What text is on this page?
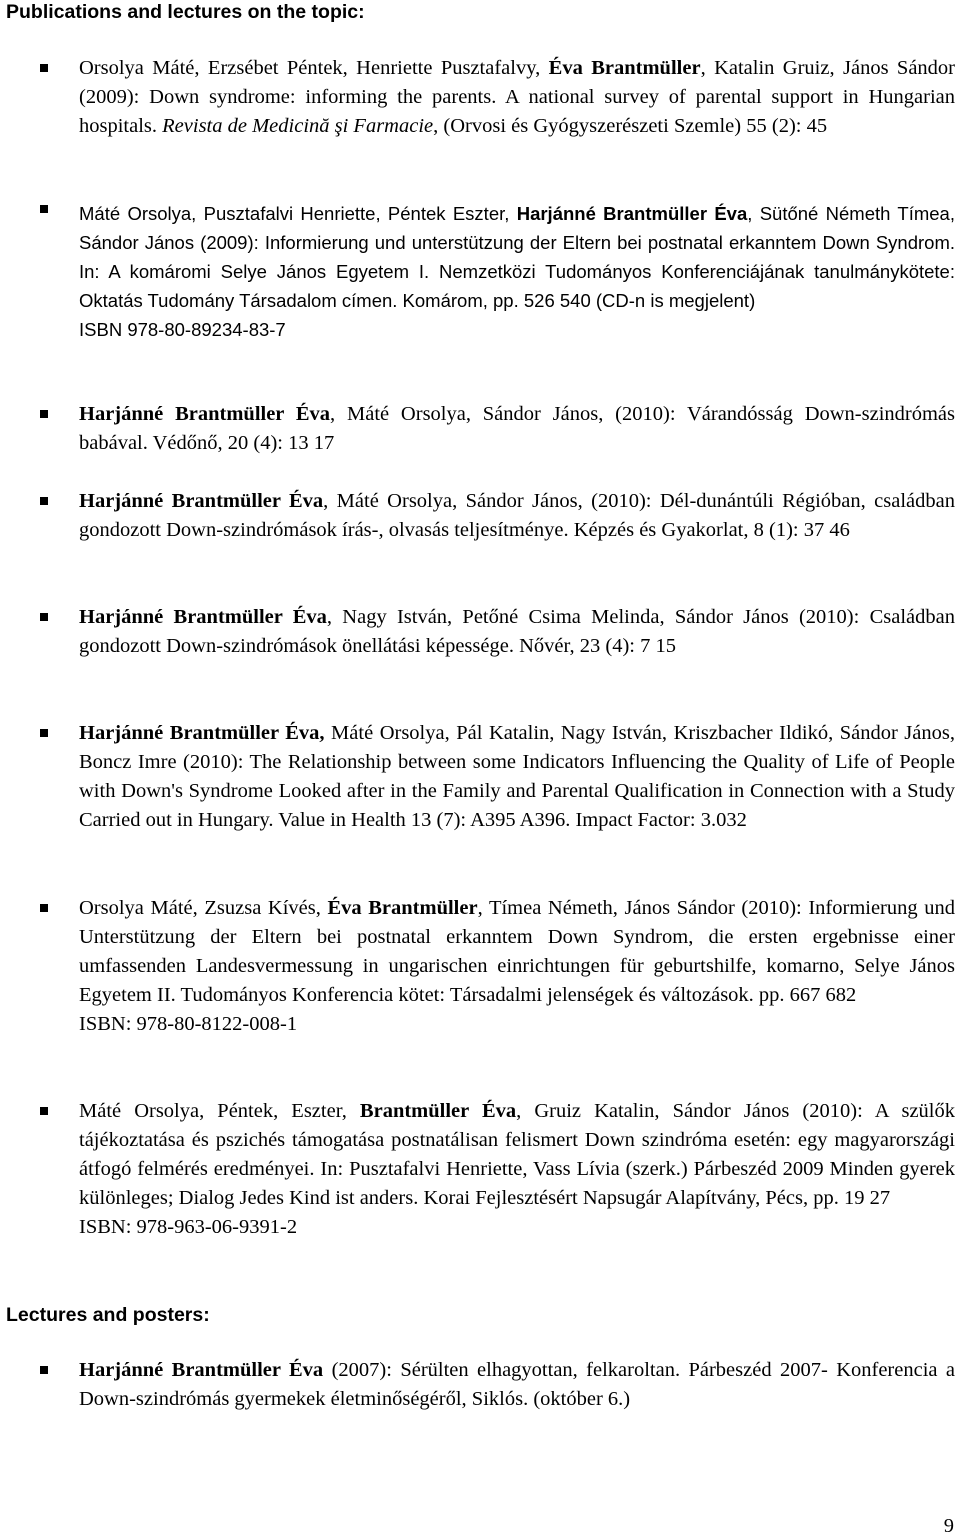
Publications and lectures on the topic:
Orsolya Máté, Erzsébet Péntek, Henriette Pusztafalvy, Éva Brantmüller, Katalin Gruiz, János Sándor (2009): Down syndrome: informing the parents. A national survey of parental support in Hungarian hospitals. Revista de Medicină şi Farmacie, (Orvosi és Gyógyszerészeti Szemle) 55 (2): 45
Máté Orsolya, Pusztafalvi Henriette, Péntek Eszter, Harjánné Brantmüller Éva, Sütőné Németh Tímea, Sándor János (2009): Informierung und unterstützung der Eltern bei postnatal erkanntem Down Syndrom. In: A komáromi Selye János Egyetem I. Nemzetközi Tudományos Konferenciájának tanulmánykötete: Oktatás Tudomány Társadalom címen. Komárom, pp. 526 540 (CD-n is megjelent)
ISBN 978-80-89234-83-7
Harjánné Brantmüller Éva, Máté Orsolya, Sándor János, (2010): Várandósság Down-szindrómás babával. Védőnő, 20 (4): 13 17
Harjánné Brantmüller Éva, Máté Orsolya, Sándor János, (2010): Dél-dunántúli Régióban, családban gondozott Down-szindrómások írás-, olvasás teljesítménye. Képzés és Gyakorlat, 8 (1): 37 46
Harjánné Brantmüller Éva, Nagy István, Petőné Csima Melinda, Sándor János (2010): Családban gondozott Down-szindrómások önellátási képessége. Nővér, 23 (4): 7 15
Harjánné Brantmüller Éva, Máté Orsolya, Pál Katalin, Nagy István, Kriszbacher Ildikó, Sándor János, Boncz Imre (2010): The Relationship between some Indicators Influencing the Quality of Life of People with Down's Syndrome Looked after in the Family and Parental Qualification in Connection with a Study Carried out in Hungary. Value in Health 13 (7): A395 A396. Impact Factor: 3.032
Orsolya Máté, Zsuzsa Kívés, Éva Brantmüller, Tímea Németh, János Sándor (2010): Informierung und Unterstützung der Eltern bei postnatal erkanntem Down Syndrom, die ersten ergebnisse einer umfassenden Landesvermessung in ungarischen einrichtungen für geburtshilfe, komarno, Selye János Egyetem II. Tudományos Konferencia kötet: Társadalmi jelenségek és változások. pp. 667 682
ISBN: 978-80-8122-008-1
Máté Orsolya, Péntek, Eszter, Brantmüller Éva, Gruiz Katalin, Sándor János (2010): A szülők tájékoztatása és pszichés támogatása postnatálisan felismert Down szindróma esetén: egy magyarországi átfogó felmérés eredményei. In: Pusztafalvi Henriette, Vass Lívia (szerk.) Párbeszéd 2009 Minden gyerek különleges; Dialog Jedes Kind ist anders. Korai Fejlesztésért Napsugár Alapítvány, Pécs, pp. 19 27
ISBN: 978-963-06-9391-2
Lectures and posters:
Harjánné Brantmüller Éva (2007): Sérülten elhagyottan, felkaroltan. Párbeszéd 2007- Konferencia a Down-szindrómás gyermekek életminőségéről, Siklós. (október 6.)
9
